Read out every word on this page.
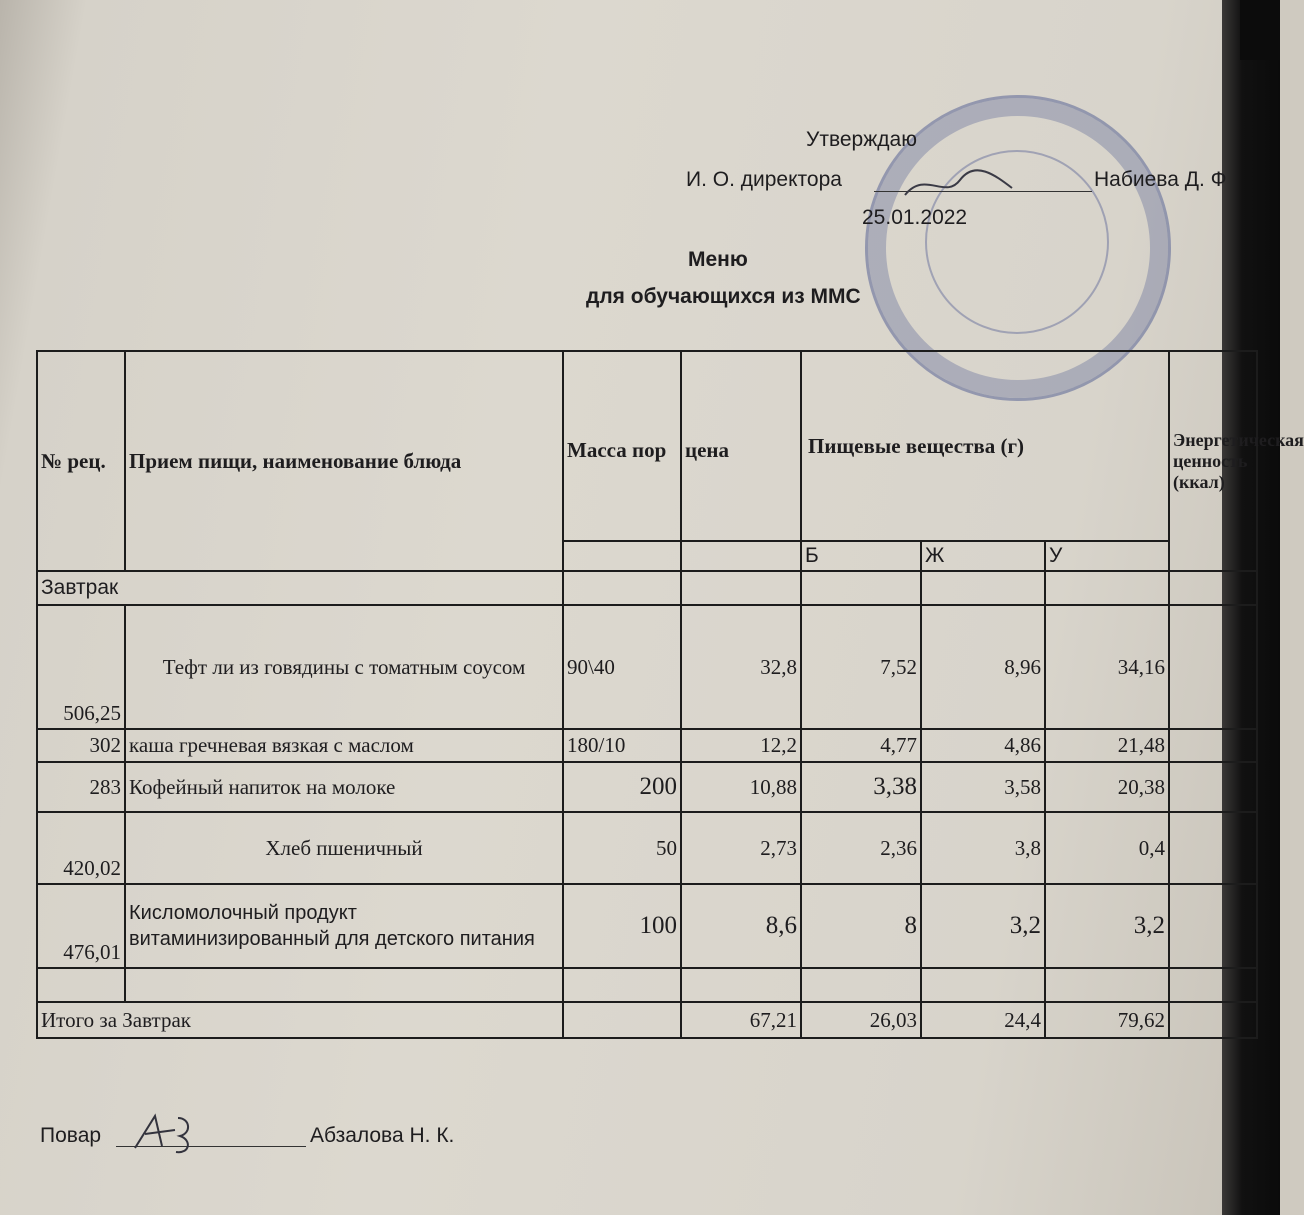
Утверждаю
И. О. директора	Набиева Д. Ф
25.01.2022
Меню
для обучающихся из ММС
№ рец.	Прием пищи, наименование блюда	Масса пор	цена	Пищевые вещества (г)			Энергетическая ценность (ккал)
				Б	Ж	У	
Завтрак							
506,25	Тефт ли из говядины с томатным соусом	90\40	32,8	7,52	8,96	34,16	
302	каша гречневая вязкая с маслом	180/10	12,2	4,77	4,86	21,48	
283	Кофейный напиток на молоке	200	10,88	3,38	3,58	20,38	
420,02	Хлеб пшеничный	50	2,73	2,36	3,8	0,4	
476,01	Кисломолочный продукт витаминизированный для детского питания	100	8,6	8	3,2	3,2	

Итого за Завтрак			67,21	26,03	24,4	79,62	
Повар	Абзалова Н. К.
